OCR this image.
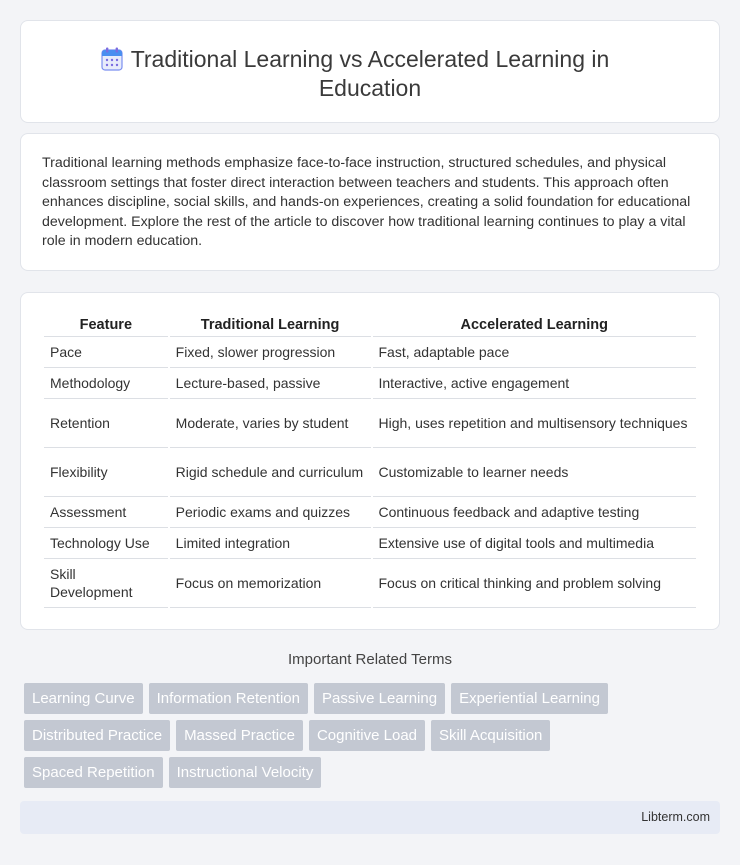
Traditional Learning vs Accelerated Learning in Education

Traditional learning methods emphasize face-to-face instruction, structured schedules, and physical classroom settings that foster direct interaction between teachers and students. This approach often enhances discipline, social skills, and hands-on experiences, creating a solid foundation for educational development. Explore the rest of the article to discover how traditional learning continues to play a vital role in modern education.

Feature	Traditional Learning	Accelerated Learning
Pace	Fixed, slower progression	Fast, adaptable pace
Methodology	Lecture-based, passive	Interactive, active engagement
Retention	Moderate, varies by student	High, uses repetition and multisensory techniques
Flexibility	Rigid schedule and curriculum	Customizable to learner needs
Assessment	Periodic exams and quizzes	Continuous feedback and adaptive testing
Technology Use	Limited integration	Extensive use of digital tools and multimedia
Skill Development	Focus on memorization	Focus on critical thinking and problem solving
Important Related Terms
Learning Curve	Information Retention	Passive Learning	Experiential Learning
Distributed Practice	Massed Practice	Cognitive Load	Skill Acquisition
Spaced Repetition	Instructional Velocity
Libterm.com
